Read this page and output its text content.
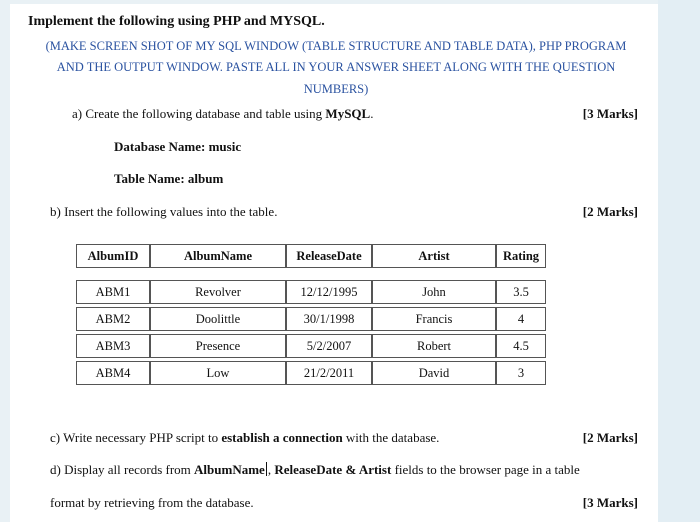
Implement the following using PHP and MYSQL.
(MAKE SCREEN SHOT OF MY SQL WINDOW (TABLE STRUCTURE AND TABLE DATA), PHP PROGRAM
AND THE OUTPUT WINDOW. PASTE ALL IN YOUR ANSWER SHEET ALONG WITH THE QUESTION
NUMBERS)
a) Create the following database and table using MySQL.	[3 Marks]
Database Name: music
Table Name: album
b) Insert the following values into the table.	[2 Marks]
AlbumID	AlbumName	ReleaseDate	Artist	Rating

ABM1	Revolver	12/12/1995	John	3.5
ABM2	Doolittle	30/1/1998	Francis	4
ABM3	Presence	5/2/2007	Robert	4.5
ABM4	Low	21/2/2011	David	3
c) Write necessary PHP script to establish a connection with the database.	[2 Marks]
d) Display all records from AlbumName , ReleaseDate & Artist fields to the browser page in a table
format by retrieving from the database.	[3 Marks]
